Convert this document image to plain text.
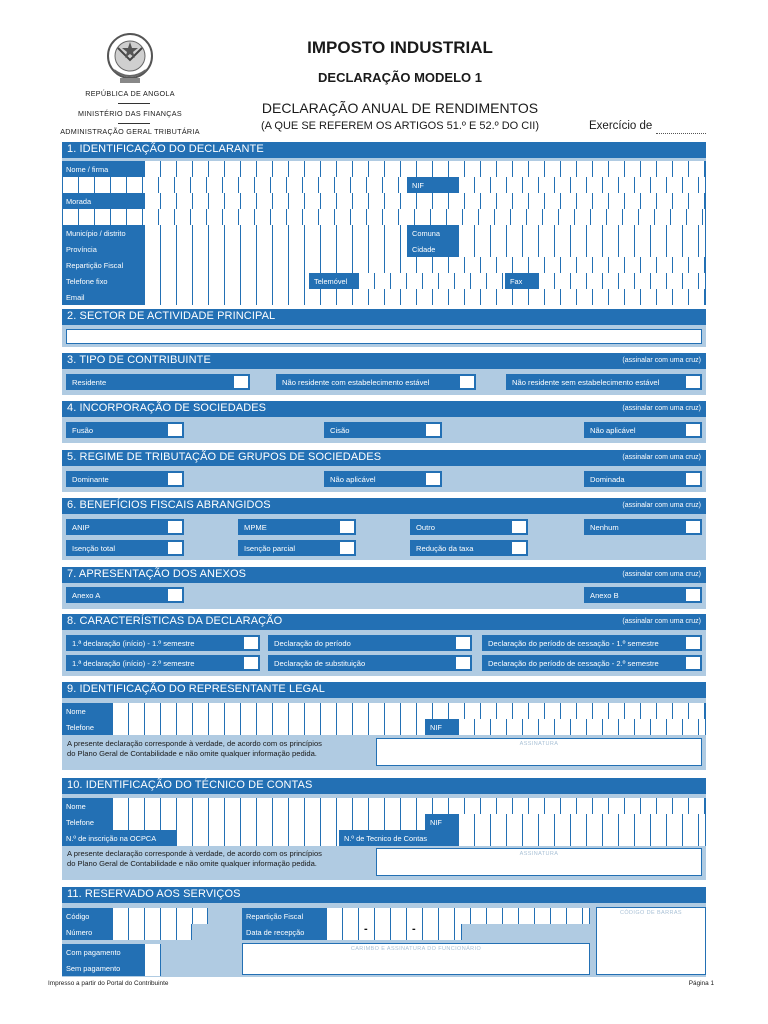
REPÚBLICA DE ANGOLA
MINISTÉRIO DAS FINANÇAS
ADMINISTRAÇÃO GERAL TRIBUTÁRIA
IMPOSTO INDUSTRIAL
DECLARAÇÃO MODELO 1
DECLARAÇÃO ANUAL DE RENDIMENTOS
(A QUE SE REFEREM OS ARTIGOS 51.º E 52.º DO CII)	Exercício de
1. IDENTIFICAÇÃO DO DECLARANTE
Nome / firma
NIF
Morada
Município / distrito	Comuna
Província	Cidade
Repartição Fiscal
Telefone fixo	Telemóvel	Fax
Email
2. SECTOR DE ACTIVIDADE PRINCIPAL
3. TIPO DE CONTRIBUINTE	(assinalar com uma cruz)
Residente	Não residente com estabelecimento estável	Não residente sem estabelecimento estável
4. INCORPORAÇÃO DE SOCIEDADES	(assinalar com uma cruz)
Fusão	Cisão	Não aplicável
5. REGIME DE TRIBUTAÇÃO DE GRUPOS DE SOCIEDADES	(assinalar com uma cruz)
Dominante	Não aplicável	Dominada
6. BENEFÍCIOS FISCAIS ABRANGIDOS	(assinalar com uma cruz)
ANIP	MPME	Outro	Nenhum
Isenção total	Isenção parcial	Redução da taxa
7. APRESENTAÇÃO DOS ANEXOS	(assinalar com uma cruz)
Anexo A	Anexo B
8. CARACTERÍSTICAS DA DECLARAÇÃO	(assinalar com uma cruz)
1.ª declaração (início) - 1.º semestre	Declaração do período	Declaração do período de cessação - 1.º semestre
1.ª declaração (início) - 2.º semestre	Declaração de substituição	Declaração do período de cessação - 2.º semestre
9. IDENTIFICAÇÃO DO REPRESENTANTE LEGAL
Nome
Telefone	NIF
A presente declaração corresponde à verdade, de acordo com os princípios
do Plano Geral de Contabilidade e não omite qualquer informação pedida.
ASSINATURA
10. IDENTIFICAÇÃO DO TÉCNICO DE CONTAS
Nome
Telefone	NIF
N.º de inscrição na OCPCA	N.º de Tecnico de Contas
A presente declaração corresponde à verdade, de acordo com os princípios
do Plano Geral de Contabilidade e não omite qualquer informação pedida.
ASSINATURA
11. RESERVADO AOS SERVIÇOS
Código
Número
Repartição Fiscal
Data de recepção	-	-
Com pagamento
Sem pagamento
CARIMBO E ASSINATURA DO FUNCIONÁRIO
CÓDIGO DE BARRAS
Impresso a partir do Portal do Contribuinte	Página 1
